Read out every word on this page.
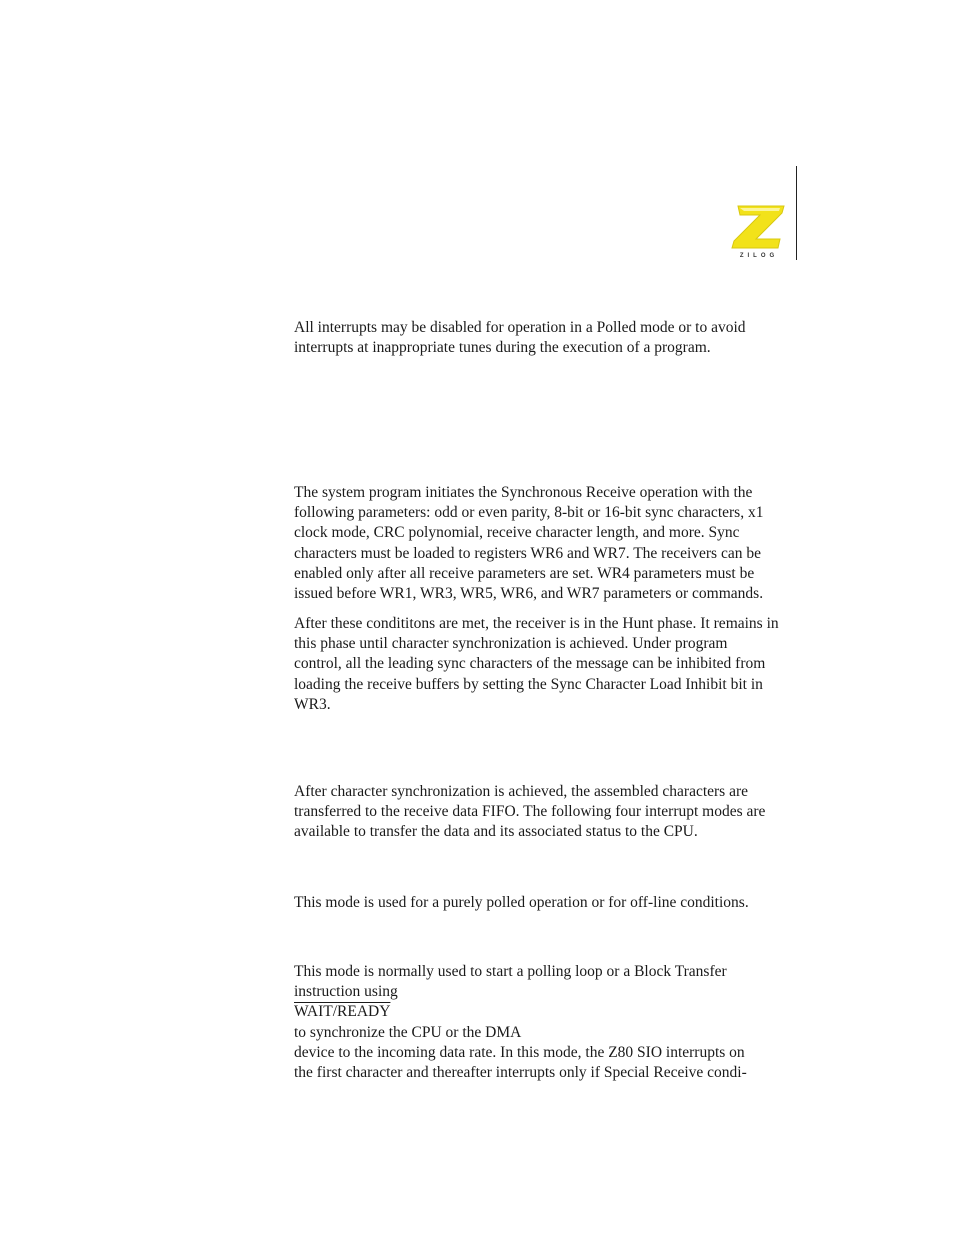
ZILOG

All interrupts may be disabled for operation in a Polled mode or to avoid
interrupts at inappropriate tunes during the execution of a program.

The system program initiates the Synchronous Receive operation with the
following parameters: odd or even parity, 8-bit or 16-bit sync characters, x1
clock mode, CRC polynomial, receive character length, and more. Sync
characters must be loaded to registers WR6 and WR7. The receivers can be
enabled only after all receive parameters are set. WR4 parameters must be
issued before WR1, WR3, WR5, WR6, and WR7 parameters or commands.

After these condititons are met, the receiver is in the Hunt phase. It remains in
this phase until character synchronization is achieved. Under program
control, all the leading sync characters of the message can be inhibited from
loading the receive buffers by setting the Sync Character Load Inhibit bit in
WR3.

After character synchronization is achieved, the assembled characters are
transferred to the receive data FIFO. The following four interrupt modes are
available to transfer the data and its associated status to the CPU.

This mode is used for a purely polled operation or for off-line conditions.

This mode is normally used to start a polling loop or a Block Transfer
instruction using
WAIT/READY
to synchronize the CPU or the DMA
device to the incoming data rate. In this mode, the Z80 SIO interrupts on
the first character and thereafter interrupts only if Special Receive condi-
